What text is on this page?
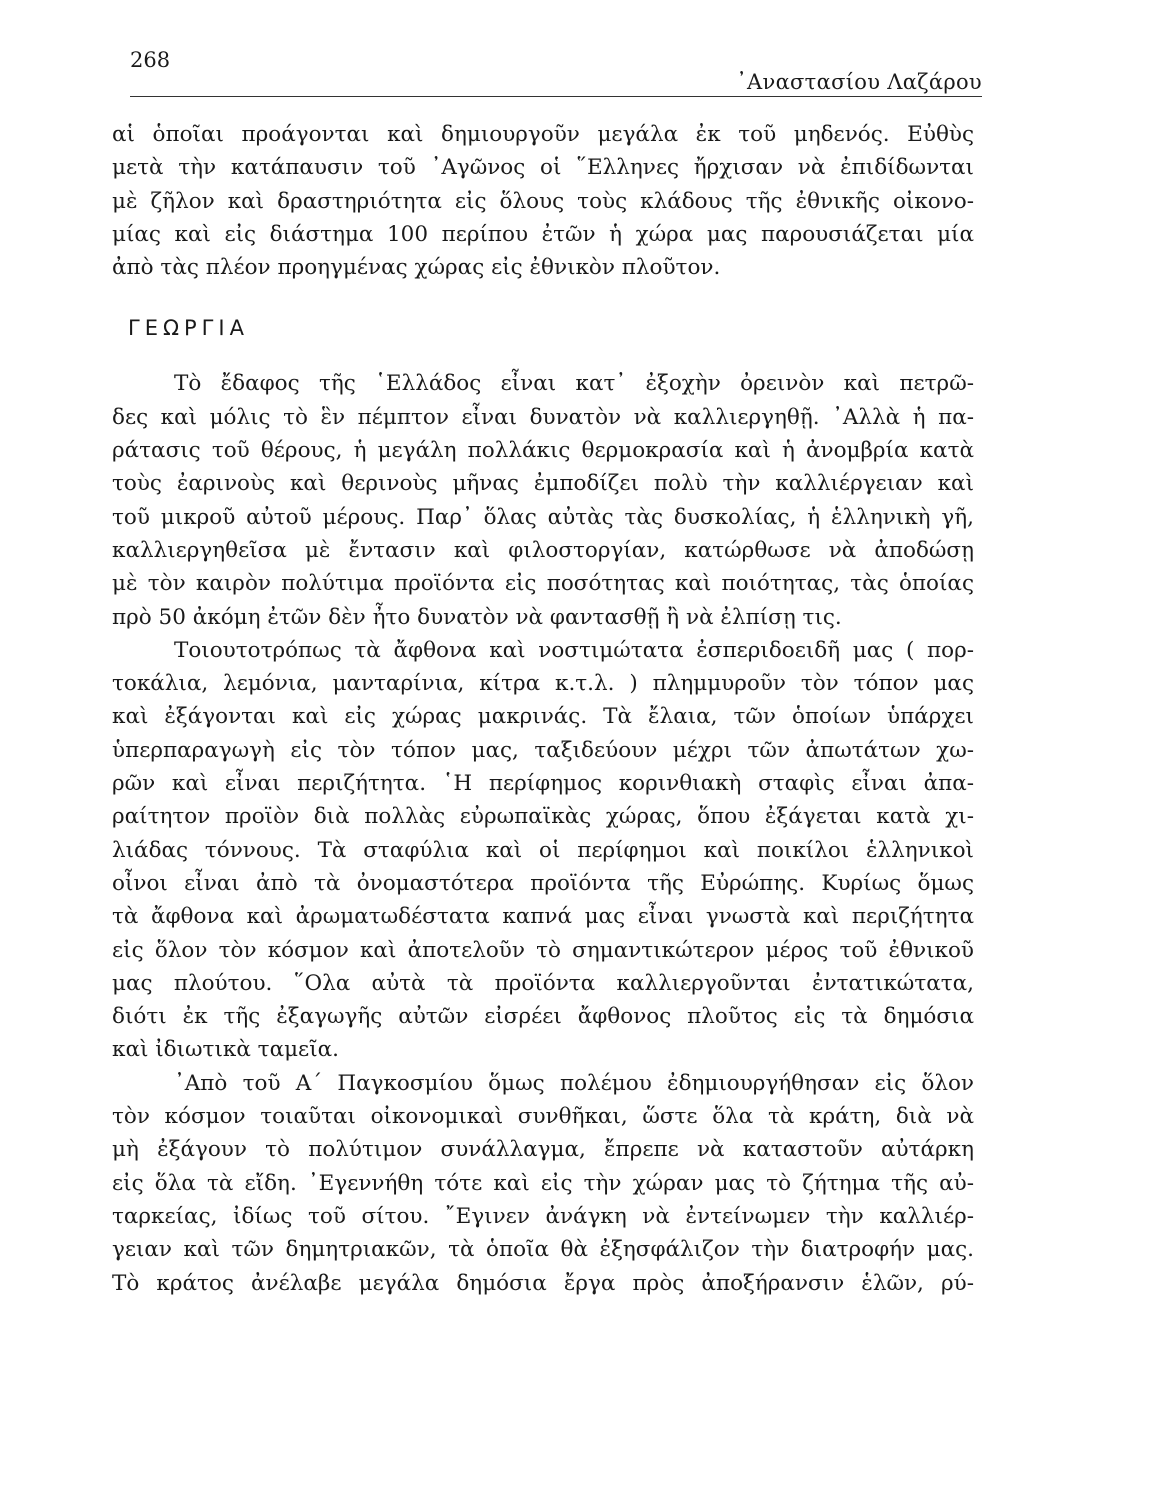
268
᾿Αναστασίου Λαζάρου
αἱ ὁποῖαι προάγονται καὶ δημιουργοῦν μεγάλα ἐκ τοῦ μηδενός. Εὐθὺς
μετὰ τὴν κατάπαυσιν τοῦ ᾿Αγῶνος οἱ ῞Ελληνες ἤρχισαν νὰ ἐπιδίδωνται
μὲ ζῆλον καὶ δραστηριότητα εἰς ὅλους τοὺς κλάδους τῆς ἐθνικῆς οἰκονο-
μίας καὶ εἰς διάστημα 100 περίπου ἐτῶν ἡ χώρα μας παρουσιάζεται μία
ἀπὸ τὰς πλέον προηγμένας χώρας εἰς ἐθνικὸν πλοῦτον.
ΓΕΩΡΓΙΑ
Τὸ ἔδαφος τῆς ῾Ελλάδος εἶναι κατ᾿ ἐξοχὴν ὀρεινὸν καὶ πετρῶ-
δες καὶ μόλις τὸ ἓν πέμπτον εἶναι δυνατὸν νὰ καλλιεργηθῇ. ᾿Αλλὰ ἡ πα-
ράτασις τοῦ θέρους, ἡ μεγάλη πολλάκις θερμοκρασία καὶ ἡ ἀνομβρία κατὰ
τοὺς ἐαρινοὺς καὶ θερινοὺς μῆνας ἐμποδίζει πολὺ τὴν καλλιέργειαν καὶ
τοῦ μικροῦ αὐτοῦ μέρους. Παρ᾿ ὅλας αὐτὰς τὰς δυσκολίας, ἡ ἑλληνικὴ γῆ,
καλλιεργηθεῖσα μὲ ἔντασιν καὶ φιλοστοργίαν, κατώρθωσε νὰ ἀποδώσῃ
μὲ τὸν καιρὸν πολύτιμα προϊόντα εἰς ποσότητας καὶ ποιότητας, τὰς ὁποίας
πρὸ 50 ἀκόμη ἐτῶν δὲν ἦτο δυνατὸν νὰ φαντασθῇ ἢ νὰ ἐλπίσῃ τις.
Τοιουτοτρόπως τὰ ἄφθονα καὶ νοστιμώτατα ἐσπεριδοειδῆ μας ( πορ-
τοκάλια, λεμόνια, μανταρίνια, κίτρα κ.τ.λ. ) πλημμυροῦν τὸν τόπον μας
καὶ ἐξάγονται καὶ εἰς χώρας μακρινάς. Τὰ ἔλαια, τῶν ὁποίων ὑπάρχει
ὑπερπαραγωγὴ εἰς τὸν τόπον μας, ταξιδεύουν μέχρι τῶν ἀπωτάτων χω-
ρῶν καὶ εἶναι περιζήτητα. ῾Η περίφημος κορινθιακὴ σταφὶς εἶναι ἀπα-
ραίτητον προϊὸν διὰ πολλὰς εὐρωπαϊκὰς χώρας, ὅπου ἐξάγεται κατὰ χι-
λιάδας τόννους. Τὰ σταφύλια καὶ οἱ περίφημοι καὶ ποικίλοι ἑλληνικοὶ
οἶνοι εἶναι ἀπὸ τὰ ὀνομαστότερα προϊόντα τῆς Εὐρώπης. Κυρίως ὅμως
τὰ ἄφθονα καὶ ἀρωματωδέστατα καπνά μας εἶναι γνωστὰ καὶ περιζήτητα
εἰς ὅλον τὸν κόσμον καὶ ἀποτελοῦν τὸ σημαντικώτερον μέρος τοῦ ἐθνικοῦ
μας πλούτου. ῞Ολα αὐτὰ τὰ προϊόντα καλλιεργοῦνται ἐντατικώτατα,
διότι ἐκ τῆς ἐξαγωγῆς αὐτῶν εἰσρέει ἄφθονος πλοῦτος εἰς τὰ δημόσια
καὶ ἰδιωτικὰ ταμεῖα.
᾿Απὸ τοῦ Α΄ Παγκοσμίου ὅμως πολέμου ἐδημιουργήθησαν εἰς ὅλον
τὸν κόσμον τοιαῦται οἰκονομικαὶ συνθῆκαι, ὥστε ὅλα τὰ κράτη, διὰ νὰ
μὴ ἐξάγουν τὸ πολύτιμον συνάλλαγμα, ἔπρεπε νὰ καταστοῦν αὐτάρκη
εἰς ὅλα τὰ εἴδη. ᾿Εγεννήθη τότε καὶ εἰς τὴν χώραν μας τὸ ζήτημα τῆς αὐ-
ταρκείας, ἰδίως τοῦ σίτου. ῎Εγινεν ἀνάγκη νὰ ἐντείνωμεν τὴν καλλιέρ-
γειαν καὶ τῶν δημητριακῶν, τὰ ὁποῖα θὰ ἐξησφάλιζον τὴν διατροφήν μας.
Τὸ κράτος ἀνέλαβε μεγάλα δημόσια ἔργα πρὸς ἀποξήρανσιν ἑλῶν, ρύ-
